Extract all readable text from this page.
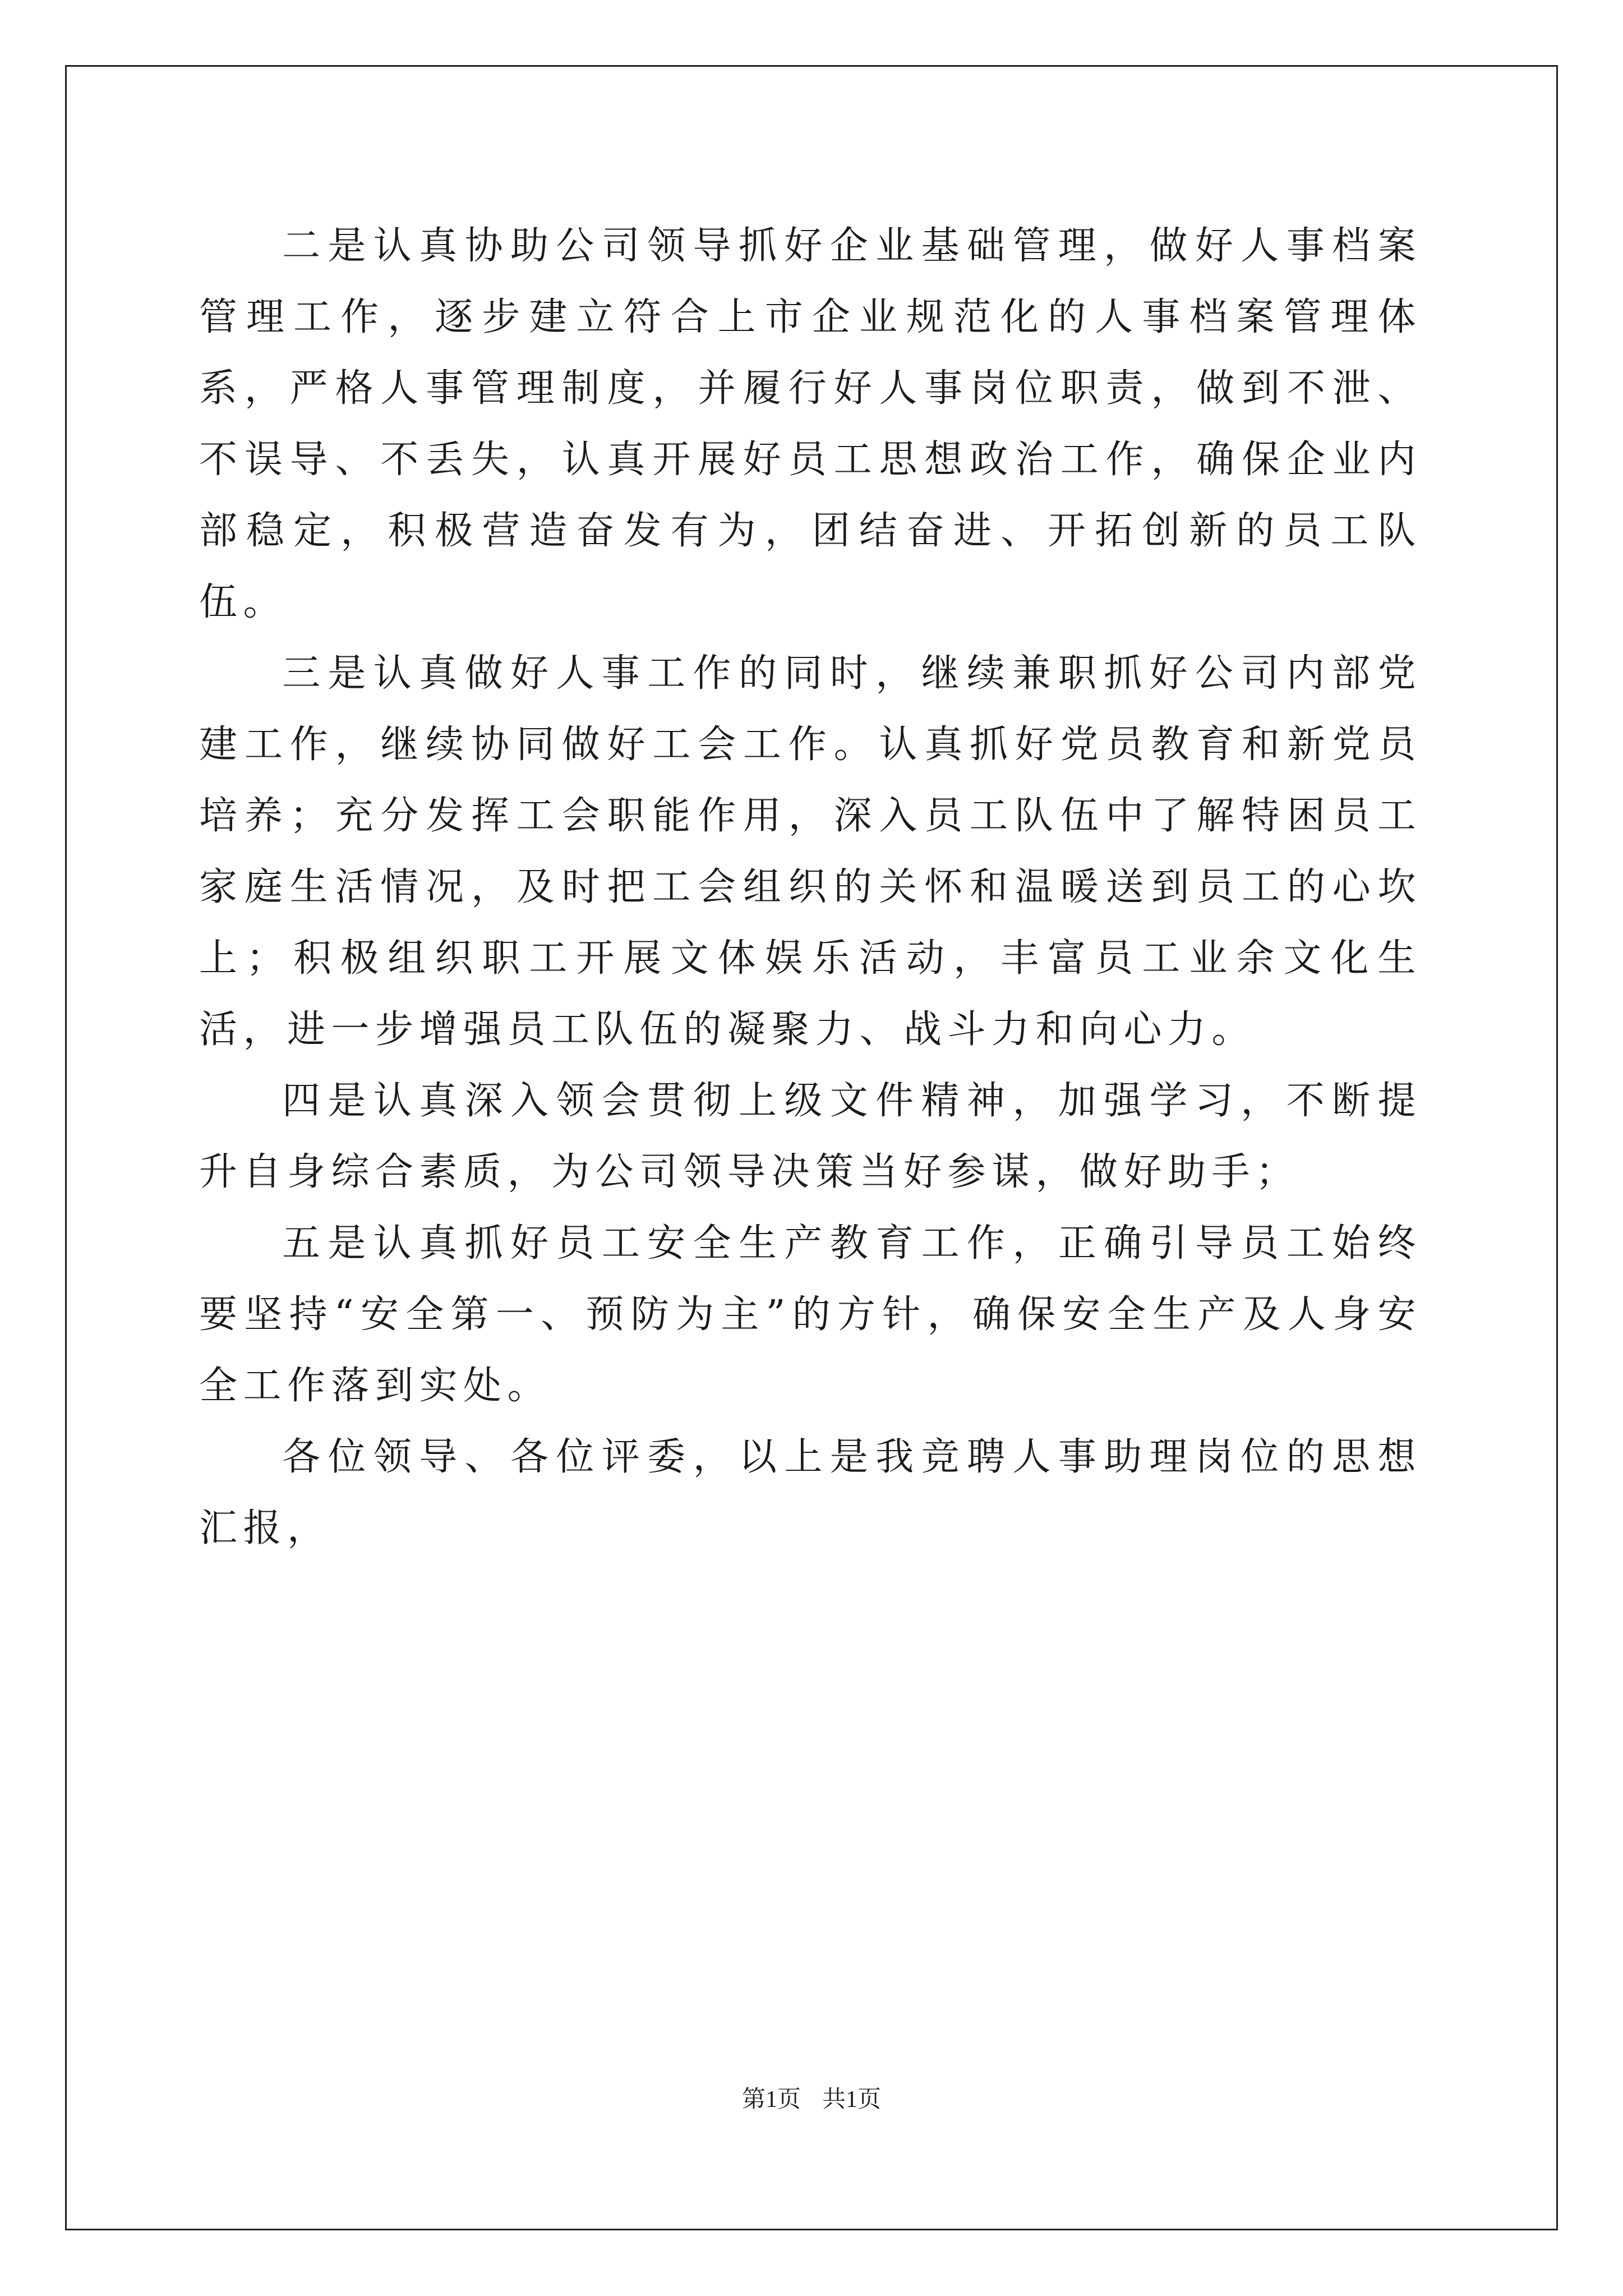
二是认真协助公司领导抓好企业基础管理，做好人事档案管理工作，逐步建立符合上市企业规范化的人事档案管理体系，严格人事管理制度，并履行好人事岗位职责，做到不泄、不误导、不丢失，认真开展好员工思想政治工作，确保企业内部稳定，积极营造奋发有为，团结奋进、开拓创新的员工队伍。

三是认真做好人事工作的同时，继续兼职抓好公司内部党建工作，继续协同做好工会工作。认真抓好党员教育和新党员培养；充分发挥工会职能作用，深入员工队伍中了解特困员工家庭生活情况，及时把工会组织的关怀和温暖送到员工的心坎上；积极组织职工开展文体娱乐活动，丰富员工业余文化生活，进一步增强员工队伍的凝聚力、战斗力和向心力。

四是认真深入领会贯彻上级文件精神，加强学习，不断提升自身综合素质，为公司领导决策当好参谋，做好助手；

五是认真抓好员工安全生产教育工作，正确引导员工始终要坚持“安全第一、预防为主”的方针，确保安全生产及人身安全工作落到实处。

各位领导、各位评委，以上是我竞聘人事助理岗位的思想汇报，

第1页 共1页
